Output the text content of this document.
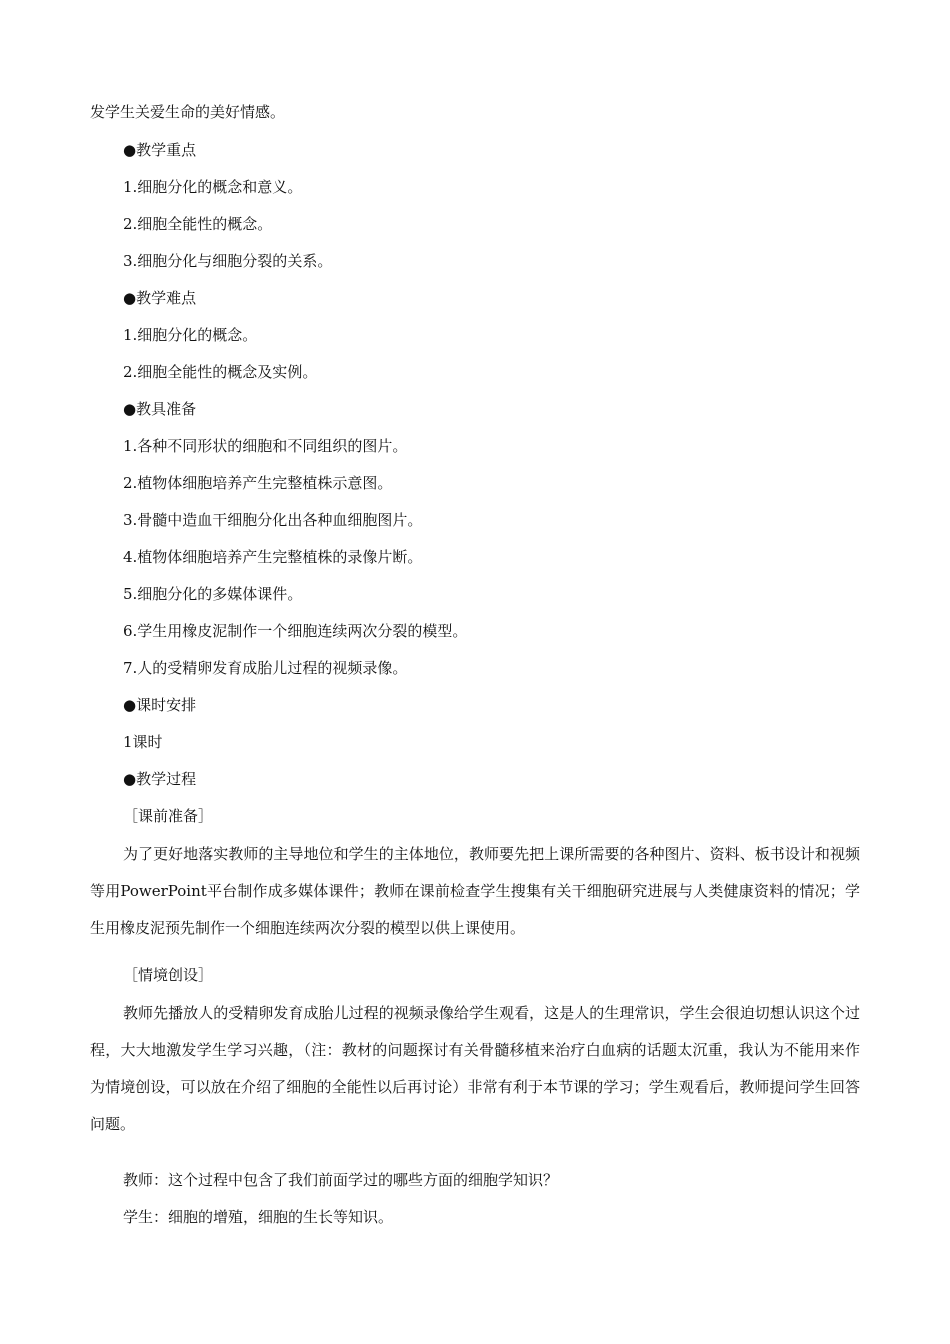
发学生关爱生命的美好情感。
●教学重点
1.细胞分化的概念和意义。
2.细胞全能性的概念。
3.细胞分化与细胞分裂的关系。
●教学难点
1.细胞分化的概念。
2.细胞全能性的概念及实例。
●教具准备
1.各种不同形状的细胞和不同组织的图片。
2.植物体细胞培养产生完整植株示意图。
3.骨髓中造血干细胞分化出各种血细胞图片。
4.植物体细胞培养产生完整植株的录像片断。
5.细胞分化的多媒体课件。
6.学生用橡皮泥制作一个细胞连续两次分裂的模型。
7.人的受精卵发育成胎儿过程的视频录像。
●课时安排
1课时
●教学过程
［课前准备］
为了更好地落实教师的主导地位和学生的主体地位，教师要先把上课所需要的各种图片、资料、板书设计和视频等用PowerPoint平台制作成多媒体课件；教师在课前检查学生搜集有关干细胞研究进展与人类健康资料的情况；学生用橡皮泥预先制作一个细胞连续两次分裂的模型以供上课使用。
［情境创设］
教师先播放人的受精卵发育成胎儿过程的视频录像给学生观看，这是人的生理常识，学生会很迫切想认识这个过程，大大地激发学生学习兴趣，（注：教材的问题探讨有关骨髓移植来治疗白血病的话题太沉重，我认为不能用来作为情境创设，可以放在介绍了细胞的全能性以后再讨论）非常有利于本节课的学习；学生观看后，教师提问学生回答问题。
教师：这个过程中包含了我们前面学过的哪些方面的细胞学知识？
学生：细胞的增殖，细胞的生长等知识。
